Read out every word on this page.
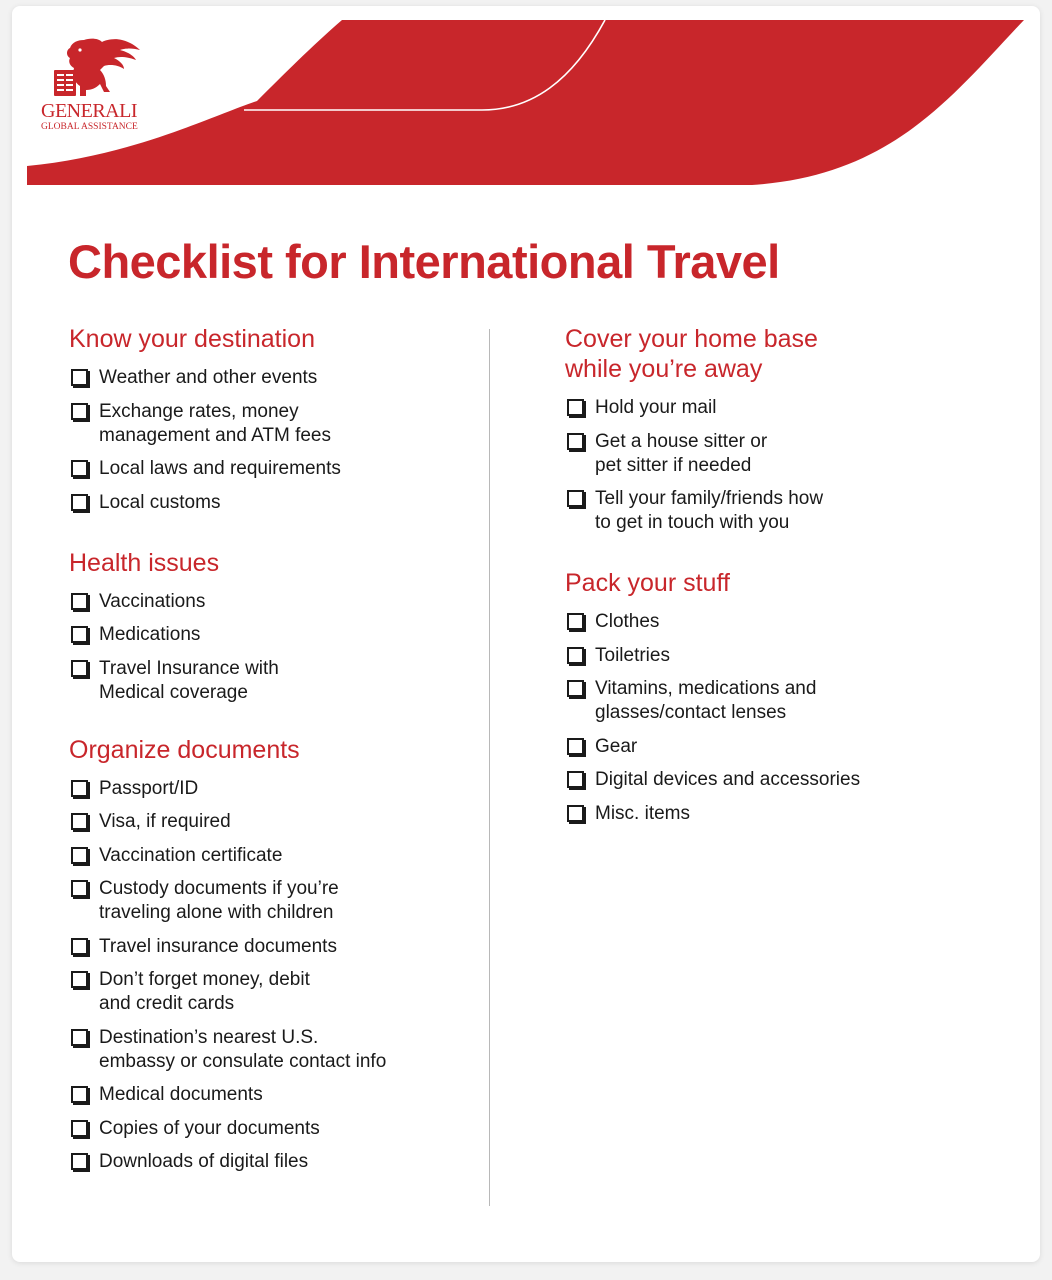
GENERALI
GLOBAL ASSISTANCE
Checklist for International Travel
Know your destination
Weather and other events
Exchange rates, money
management and ATM fees
Local laws and requirements
Local customs
Health issues
Vaccinations
Medications
Travel Insurance with
Medical coverage
Organize documents
Passport/ID
Visa, if required
Vaccination certificate
Custody documents if you’re
traveling alone with children
Travel insurance documents
Don’t forget money, debit
and credit cards
Destination’s nearest U.S.
embassy or consulate contact info
Medical documents
Copies of your documents
Downloads of digital files
Cover your home base
while you’re away
Hold your mail
Get a house sitter or
pet sitter if needed
Tell your family/friends how
to get in touch with you
Pack your stuff
Clothes
Toiletries
Vitamins, medications and
glasses/contact lenses
Gear
Digital devices and accessories
Misc. items
